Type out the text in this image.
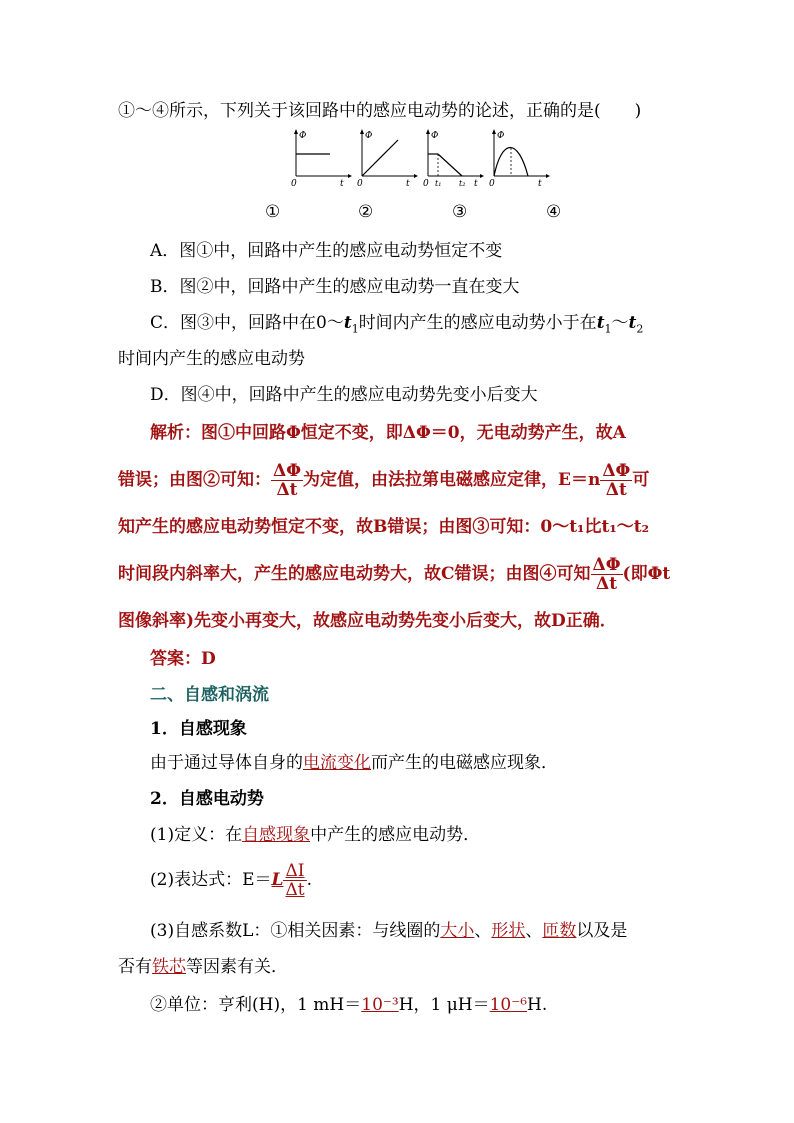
①～④所示，下列关于该回路中的感应电动势的论述，正确的是(　　)
Φ
0	t
Φ
0	t
Φ
0 t₁ t₂ t
Φ
0	t
①	②	③	④
A．图①中，回路中产生的感应电动势恒定不变
B．图②中，回路中产生的感应电动势一直在变大
C．图③中，回路中在$0\sim t_1$时间内产生的感应电动势小于在$t_1\sim t_2$
时间内产生的感应电动势
D．图④中，回路中产生的感应电动势先变小后变大
解析：图①中回路Φ恒定不变，即ΔΦ＝0，无电动势产生，故A
错误；由图②可知： $\frac{\Delta\Phi}{\Delta t}$ 为定值，由法拉第电磁感应定律，$E=n \frac{\Delta\Phi}{\Delta t}$ 可
知产生的感应电动势恒定不变，故B错误；由图③可知：0～t₁比t₁～t₂
时间段内斜率大，产生的感应电动势大，故C错误；由图④可知 $\frac{\Delta\Phi}{\Delta t}$ (即Φt
图像斜率)先变小再变大，故感应电动势先变小后变大，故D正确．
答案：D
二、自感和涡流
1．自感现象
由于通过导体自身的电流变化而产生的电磁感应现象．
2．自感电动势
(1)定义：在自感现象中产生的感应电动势．
(2)表达式：$E=L \frac{\Delta I}{\Delta t}$ .
(3)自感系数L：①相关因素：与线圈的大小、形状、匝数以及是
否有铁芯等因素有关．
②单位：亨利(H)，1 mH＝10⁻³H，1 μH＝10⁻⁶H.
